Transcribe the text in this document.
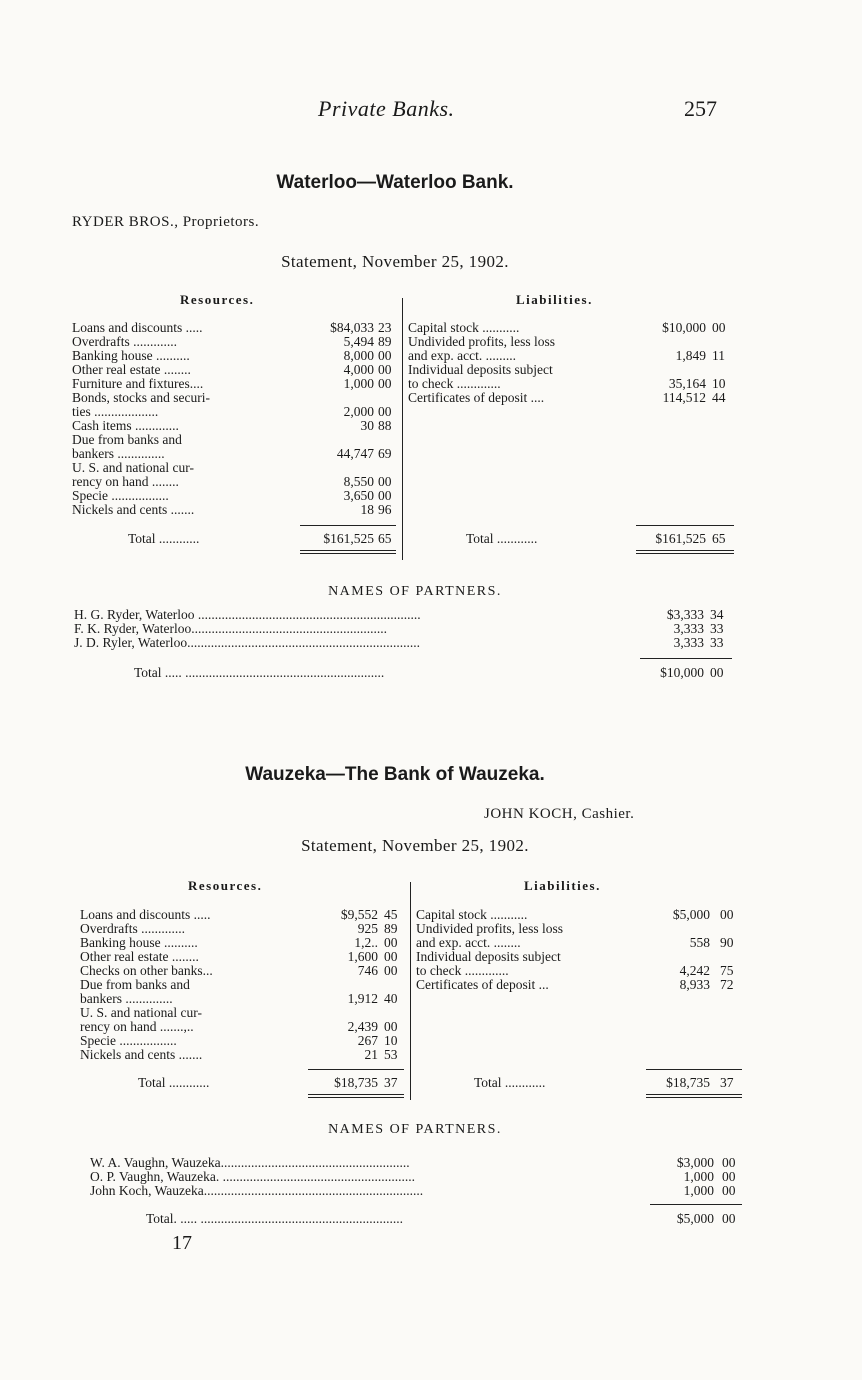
Private Banks.	257
Waterloo—Waterloo Bank.
RYDER BROS., Proprietors.
Statement, November 25, 1902.
Resources.	Liabilities.
NAMES OF PARTNERS.
Loans and discounts .....	$84,033 23
Overdrafts .............	5,494 89
Banking house ..........	8,000 00
Other real estate ........	4,000 00
Furniture and fixtures....	1,000 00
Bonds, stocks and securi-
ties ...................	2,000 00
Cash items .............	30 88
Due from banks and
bankers ..............	44,747 69
U. S. and national cur-
rency on hand ........	8,550 00
Specie .................	3,650 00
Nickels and cents .......	18 96
Total ............	$161,525 65
Capital stock ...........	$10,000 00
Undivided profits, less loss
and exp. acct. .........	1,849 11
Individual deposits subject
to check .............	35,164 10
Certificates of deposit ....	114,512 44
Total ............	$161,525 65
H. G. Ryder, Waterloo ..................................................................	$3,333 34
F. K. Ryder, Waterloo..........................................................	3,333 33
J. D. Ryler, Waterloo.....................................................................	3,333 33
Total ..... ...........................................................	$10,000 00
Wauzeka—The Bank of Wauzeka.
JOHN KOCH, Cashier.
Statement, November 25, 1902.
Resources.	Liabilities.
NAMES OF PARTNERS.
Loans and discounts .....	$9,552 45
Overdrafts .............	925 89
Banking house ..........	1,2.. 00
Other real estate ........	1,600 00
Checks on other banks...	746 00
Due from banks and
bankers ..............	1,912 40
U. S. and national cur-
rency on hand .......,..	2,439 00
Specie .................	267 10
Nickels and cents .......	21 53
Total ............	$18,735 37
Capital stock ...........	$5,000 00
Undivided profits, less loss
and exp. acct. ........	558 90
Individual deposits subject
to check .............	4,242 75
Certificates of deposit ...	8,933 72
Total ............	$18,735 37
W. A. Vaughn, Wauzeka........................................................	$3,000 00
O. P. Vaughn, Wauzeka. .........................................................	1,000 00
John Koch, Wauzeka.................................................................	1,000 00
Total. ..... ............................................................	$5,000 00
17
